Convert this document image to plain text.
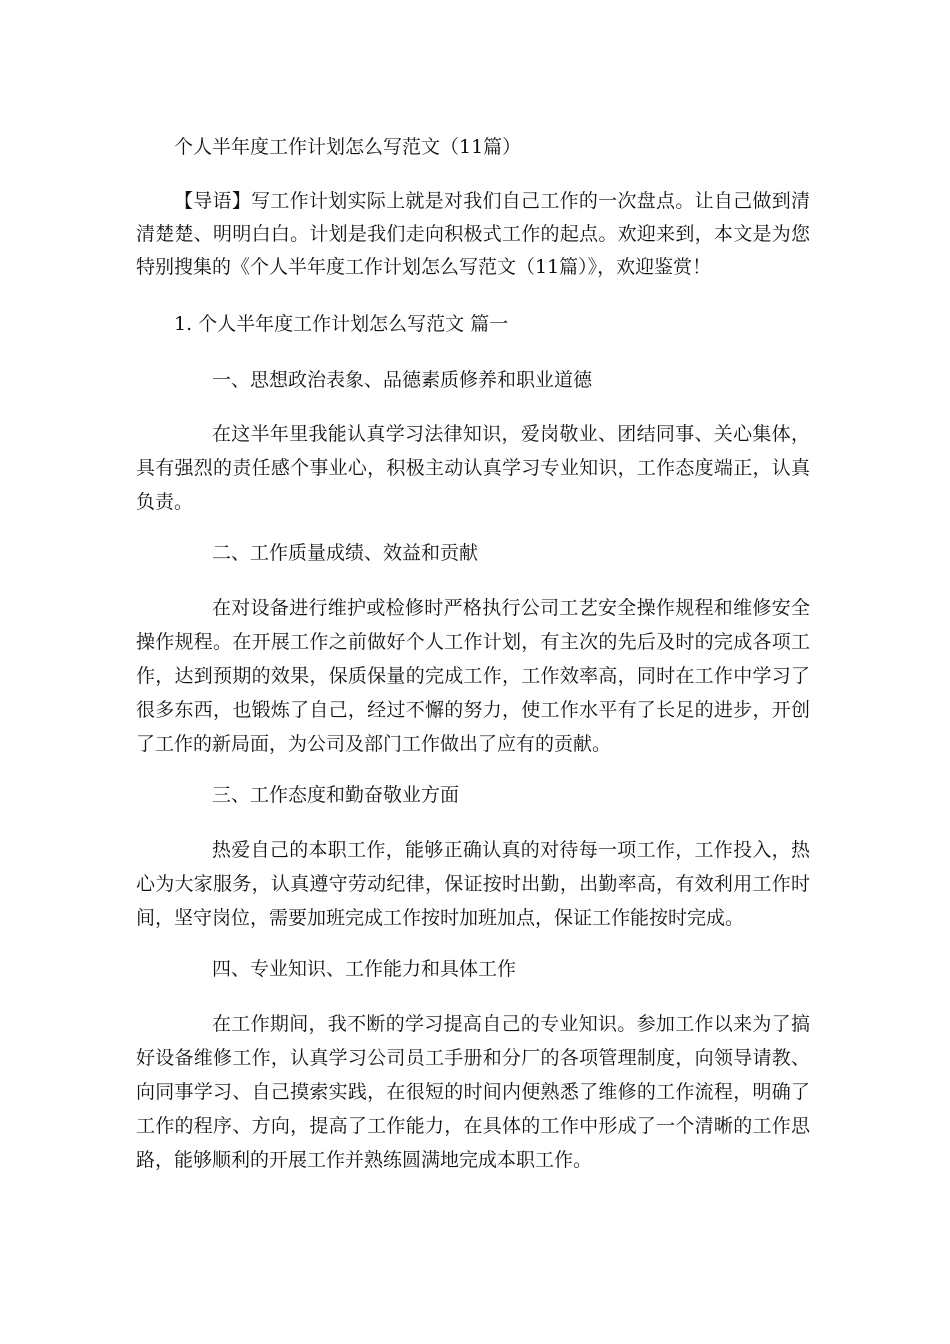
个人半年度工作计划怎么写范文（11篇）

【导语】写工作计划实际上就是对我们自己工作的一次盘点。让自己做到清清楚楚、明明白白。计划是我们走向积极式工作的起点。欢迎来到，本文是为您特别搜集的《个人半年度工作计划怎么写范文（11篇）》，欢迎鉴赏！

1. 个人半年度工作计划怎么写范文 篇一

一、思想政治表象、品德素质修养和职业道德

在这半年里我能认真学习法律知识，爱岗敬业、团结同事、关心集体，具有强烈的责任感个事业心，积极主动认真学习专业知识，工作态度端正，认真负责。

二、工作质量成绩、效益和贡献

在对设备进行维护或检修时严格执行公司工艺安全操作规程和维修安全操作规程。在开展工作之前做好个人工作计划，有主次的先后及时的完成各项工作，达到预期的效果，保质保量的完成工作，工作效率高，同时在工作中学习了很多东西，也锻炼了自己，经过不懈的努力，使工作水平有了长足的进步，开创了工作的新局面，为公司及部门工作做出了应有的贡献。

三、工作态度和勤奋敬业方面

热爱自己的本职工作，能够正确认真的对待每一项工作，工作投入，热心为大家服务，认真遵守劳动纪律，保证按时出勤，出勤率高，有效利用工作时间，坚守岗位，需要加班完成工作按时加班加点，保证工作能按时完成。

四、专业知识、工作能力和具体工作

在工作期间，我不断的学习提高自己的专业知识。参加工作以来为了搞好设备维修工作，认真学习公司员工手册和分厂的各项管理制度，向领导请教、向同事学习、自己摸索实践，在很短的时间内便熟悉了维修的工作流程，明确了工作的程序、方向，提高了工作能力，在具体的工作中形成了一个清晰的工作思路，能够顺利的开展工作并熟练圆满地完成本职工作。
